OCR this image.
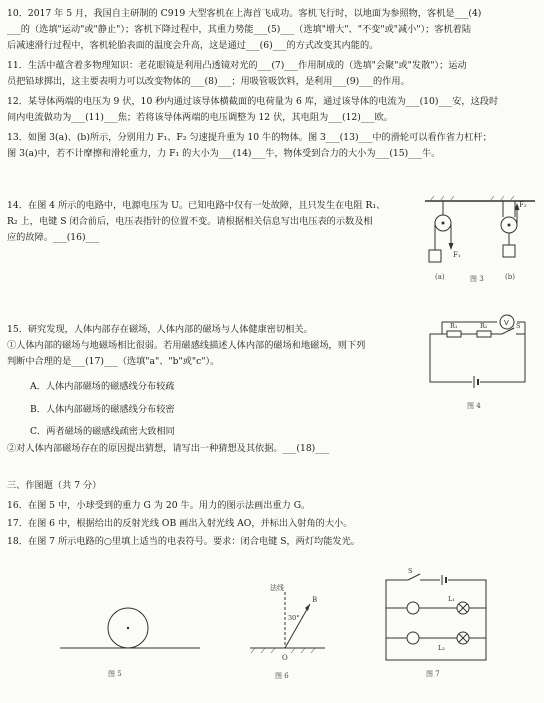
10．2017 年 5 月，我国自主研制的 C919 大型客机在上海首飞成功。客机飞行时，以地面为参照物，客机是___(4)
___的（选填"运动"或"静止"）；客机下降过程中，其重力势能___(5)___（选填"增大"、"不变"或"减小"）；客机着陆
后减速滑行过程中，客机轮胎表面的温度会升高，这是通过___(6)___的方式改变其内能的。
11．生活中蕴含着多物理知识：老花眼镜是利用凸透镜对光的___(7)___作用制成的（选填"会聚"或"发散"）；运动
员把铅球掷出，这主要表明力可以改变物体的___(8)___；用吸管吸饮料，是利用___(9)___的作用。
12．某导体两端的电压为 9 伏，10 秒内通过该导体横截面的电荷量为 6 库，通过该导体的电流为___(10)___安，这段时
间内电流做功为___(11)___焦；若将该导体两端的电压调整为 12 伏，其电阻为___(12)___欧。
13．如图 3(a)、(b)所示，分别用力 F₁、F₂ 匀速提升重为 10 牛的物体。图 3___(13)___中的滑轮可以看作省力杠杆；
图 3(a)中，若不计摩擦和滑轮重力，力 F₁ 的大小为___(14)___牛，物体受到合力的大小为___(15)___牛。
14．在图 4 所示的电路中，电源电压为 U。已知电路中仅有一处故障，且只发生在电阻 R₁、
R₂ 上，电键 S 闭合前后，电压表指针的位置不变。请根据相关信息写出电压表的示数及相
应的故障。___(16)___
F₁
F₂
(a)	图 3	(b)
15．研究发现，人体内部存在磁场，人体内部的磁场与人体健康密切相关。
①人体内部的磁场与地磁场相比很弱。若用磁感线描述人体内部的磁场和地磁场，则下列
判断中合理的是___(17)___（选填"a"、"b"或"c"）。
A．人体内部磁场的磁感线分布较疏
B．人体内部磁场的磁感线分布较密
C．两者磁场的磁感线疏密大致相同
②对人体内部磁场存在的原因提出猜想，请写出一种猜想及其依据。___(18)___
V
R₁	R₂	S
图 4
三、作图题（共 7 分）
16．在图 5 中，小球受到的重力 G 为 20 牛。用力的图示法画出重力 G。
17．在图 6 中，根据给出的反射光线 OB 画出入射光线 AO，并标出入射角的大小。
18．在图 7 所示电路的○里填上适当的电表符号。要求：闭合电键 S，两灯均能发光。
图 5
法线
30°
B
O
图 6
S
L₁
L₂
图 7
